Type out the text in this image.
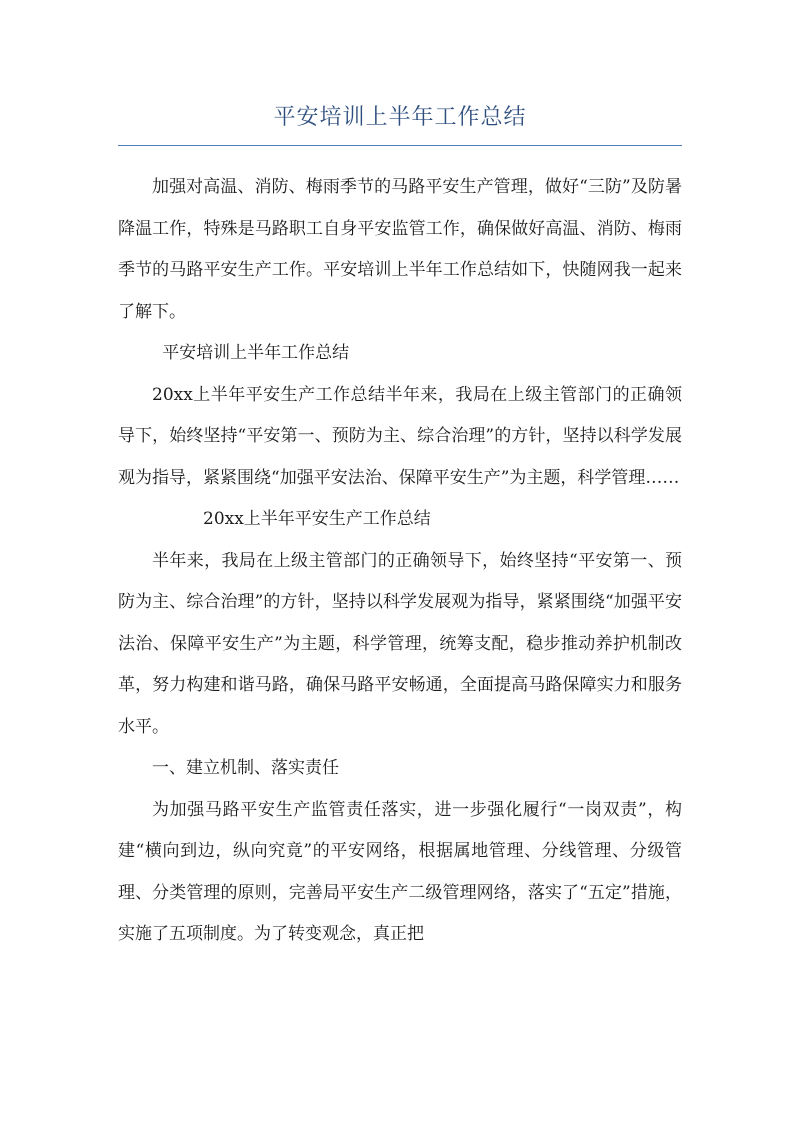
平安培训上半年工作总结

加强对高温、消防、梅雨季节的马路平安生产管理，做好“三防”及防暑降温工作，特殊是马路职工自身平安监管工作，确保做好高温、消防、梅雨季节的马路平安生产工作。平安培训上半年工作总结如下，快随网我一起来了解下。

平安培训上半年工作总结

20xx上半年平安生产工作总结半年来，我局在上级主管部门的正确领导下，始终坚持“平安第一、预防为主、综合治理”的方针，坚持以科学发展观为指导，紧紧围绕“加强平安法治、保障平安生产”为主题，科学管理……

20xx上半年平安生产工作总结

半年来，我局在上级主管部门的正确领导下，始终坚持“平安第一、预防为主、综合治理”的方针，坚持以科学发展观为指导，紧紧围绕“加强平安法治、保障平安生产”为主题，科学管理，统筹支配，稳步推动养护机制改革，努力构建和谐马路，确保马路平安畅通，全面提高马路保障实力和服务水平。

一、建立机制、落实责任

为加强马路平安生产监管责任落实，进一步强化履行“一岗双责”，构建“横向到边，纵向究竟”的平安网络，根据属地管理、分线管理、分级管理、分类管理的原则，完善局平安生产二级管理网络，落实了“五定”措施，实施了五项制度。为了转变观念，真正把
